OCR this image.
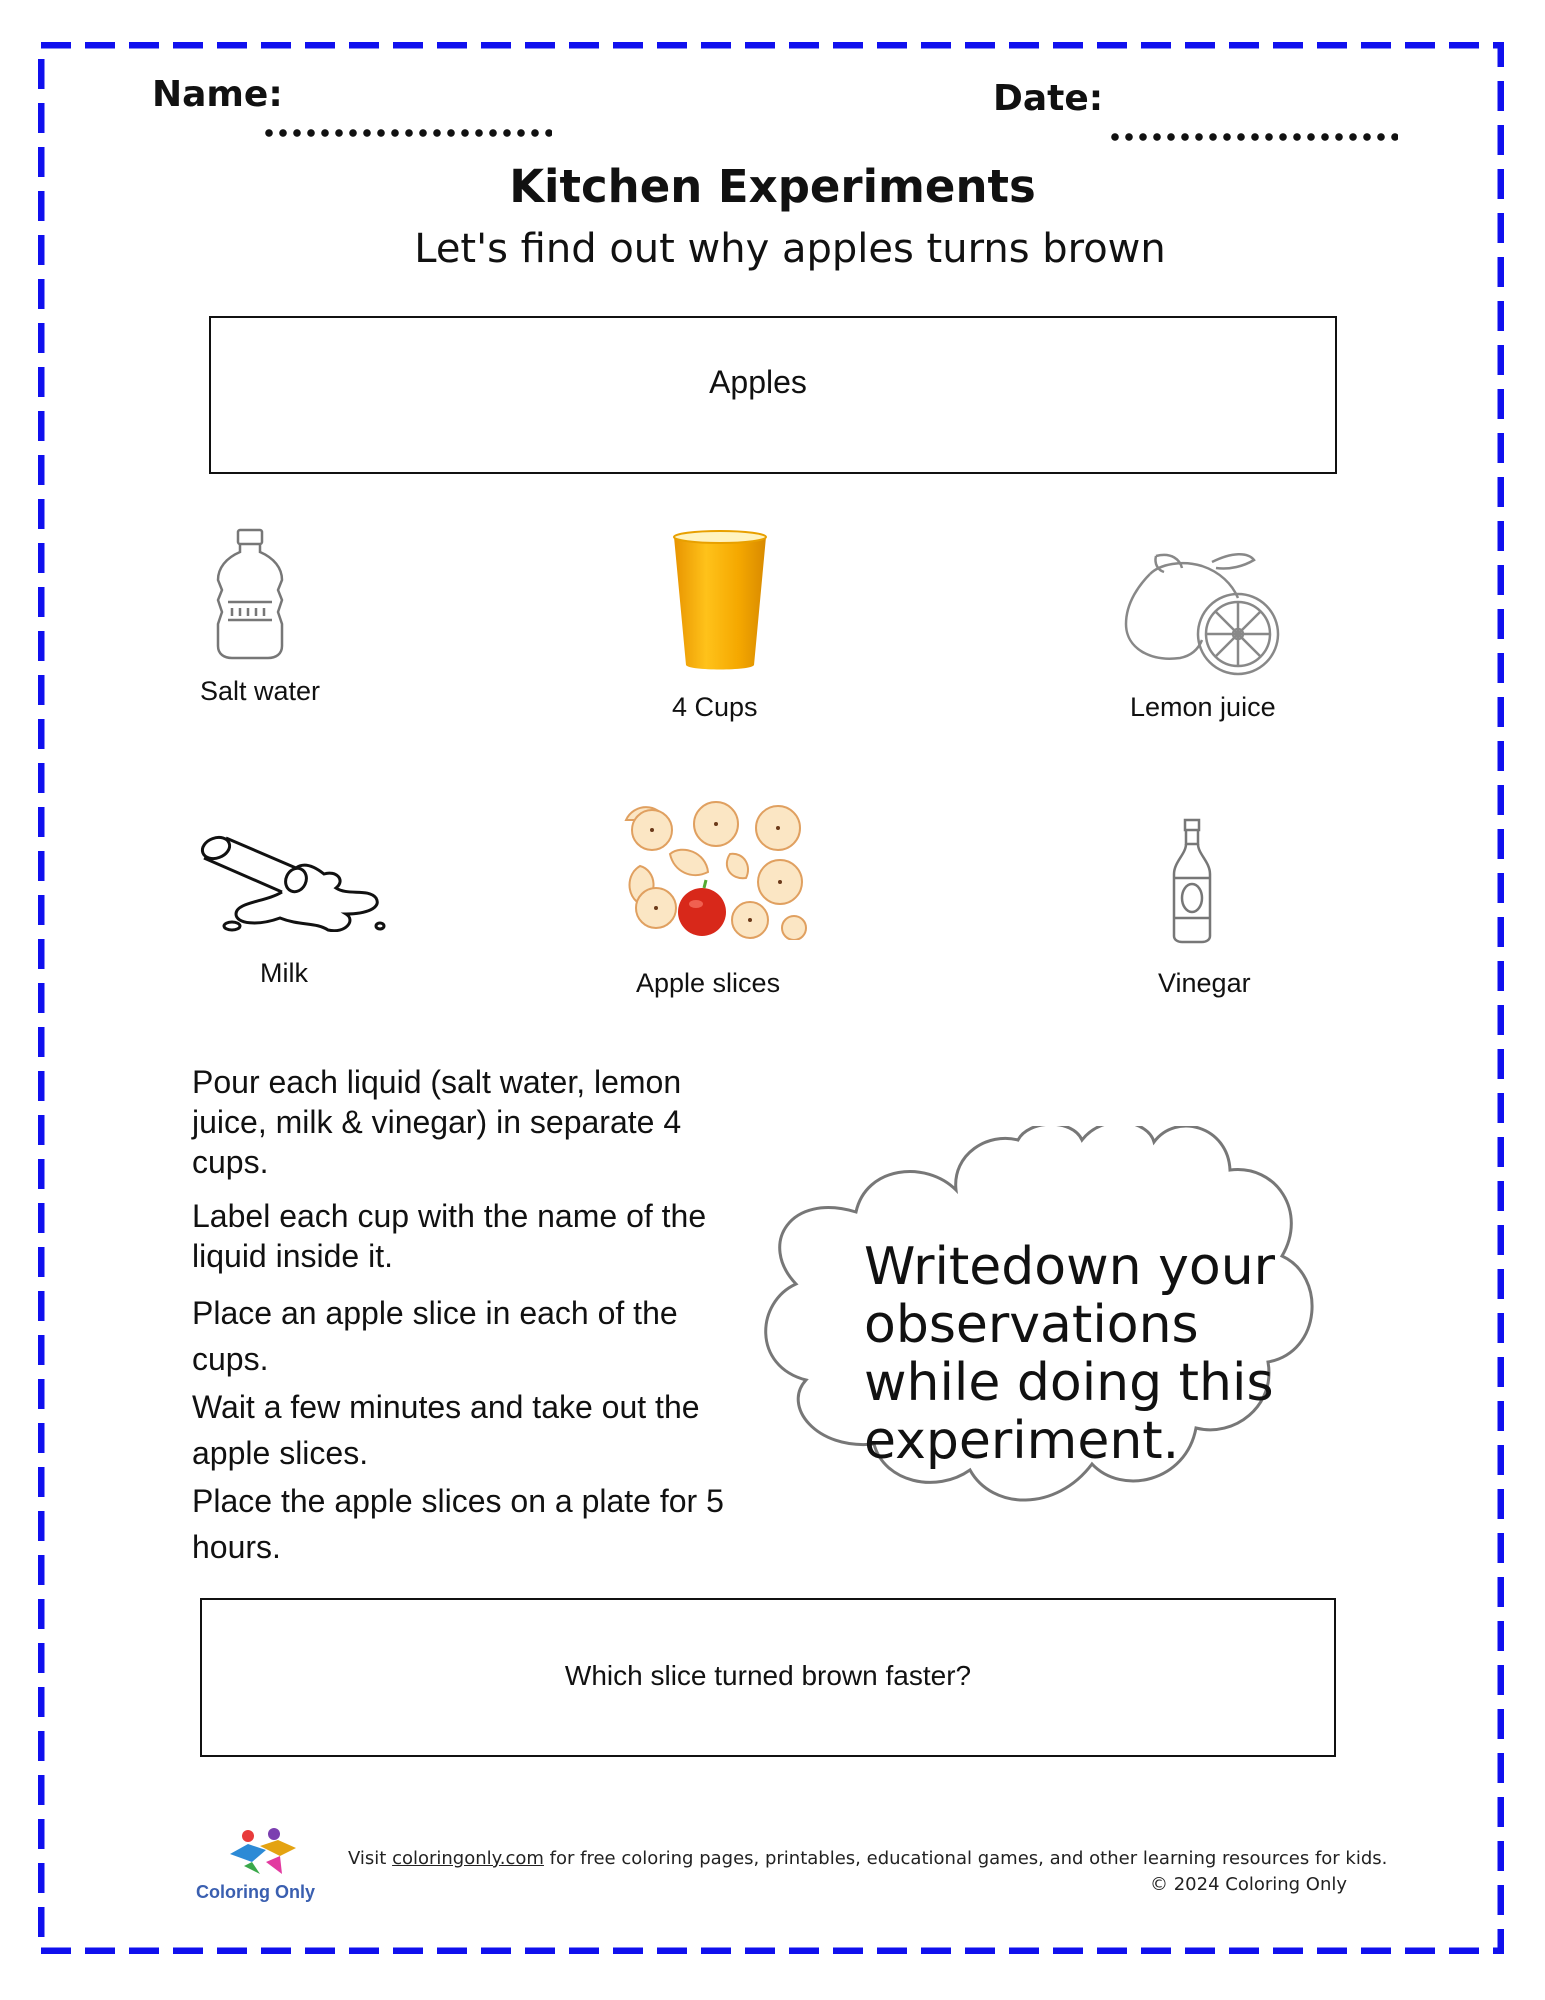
Name:	Date:
Kitchen Experiments
Let's find out why apples turns brown
Apples
Salt water
4 Cups	Lemon juice
Milk	Apple slices	Vinegar

Pour each liquid (salt water, lemon juice, milk & vinegar) in separate 4 cups.

Label each cup with the name of the liquid inside it.

Place an apple slice in each of the cups.

Wait a few minutes and take out the apple slices.

Place the apple slices on a plate for 5 hours.

Writedown your observations while doing this experiment.
Which slice turned brown faster?
Coloring Only
Visit coloringonly.com for free coloring pages, printables, educational games, and other learning resources for kids.
© 2024 Coloring Only
